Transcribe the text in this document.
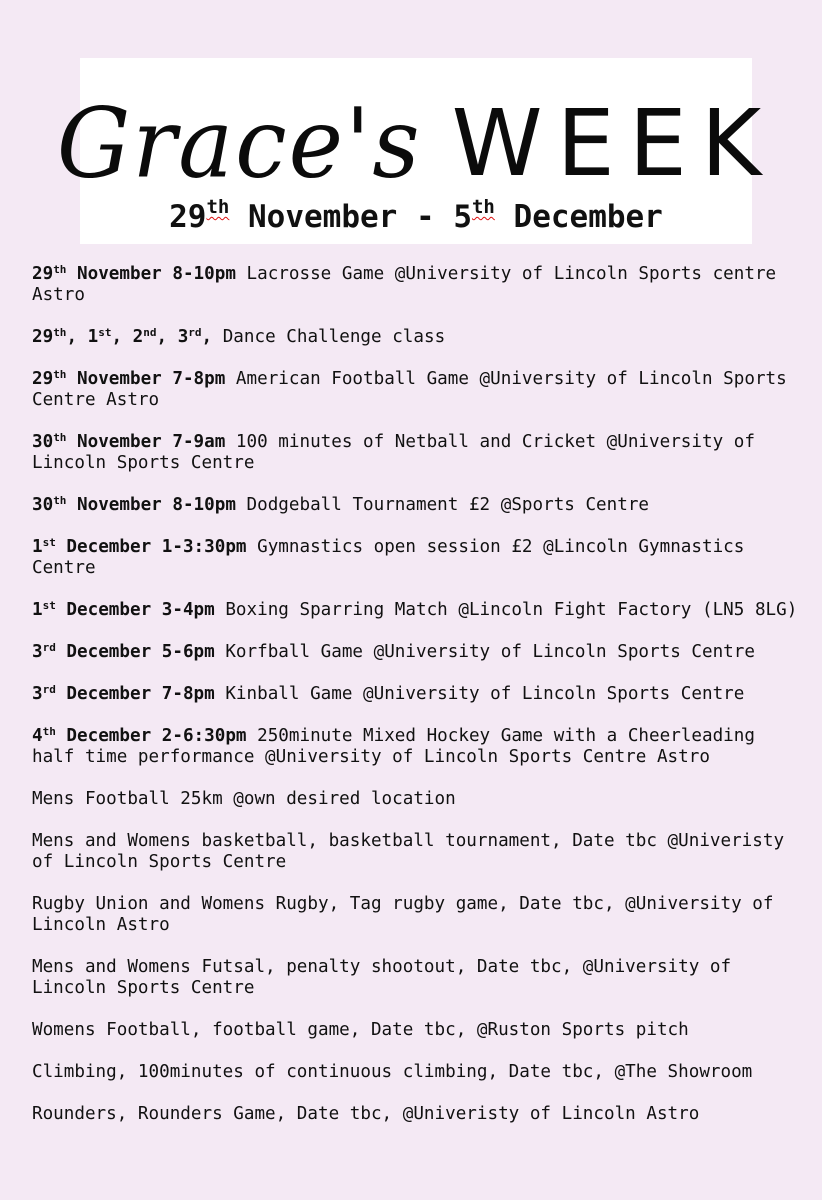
Grace's WEEK
29th November - 5th December
29th November 8-10pm Lacrosse Game @University of Lincoln Sports centre Astro
29th, 1st, 2nd, 3rd, Dance Challenge class
29th November 7-8pm American Football Game @University of Lincoln Sports Centre Astro
30th November 7-9am 100 minutes of Netball and Cricket @University of Lincoln Sports Centre
30th November 8-10pm Dodgeball Tournament £2 @Sports Centre
1st December 1-3:30pm Gymnastics open session £2 @Lincoln Gymnastics Centre
1st December 3-4pm Boxing Sparring Match @Lincoln Fight Factory (LN5 8LG)
3rd December 5-6pm Korfball Game @University of Lincoln Sports Centre
3rd December 7-8pm Kinball Game @University of Lincoln Sports Centre
4th December 2-6:30pm 250minute Mixed Hockey Game with a Cheerleading half time performance @University of Lincoln Sports Centre Astro
Mens Football 25km @own desired location
Mens and Womens basketball, basketball tournament, Date tbc @Univeristy of Lincoln Sports Centre
Rugby Union and Womens Rugby, Tag rugby game, Date tbc, @University of Lincoln Astro
Mens and Womens Futsal, penalty shootout, Date tbc, @University of Lincoln Sports Centre
Womens Football, football game, Date tbc, @Ruston Sports pitch
Climbing, 100minutes of continuous climbing, Date tbc, @The Showroom
Rounders, Rounders Game, Date tbc, @Univeristy of Lincoln Astro
